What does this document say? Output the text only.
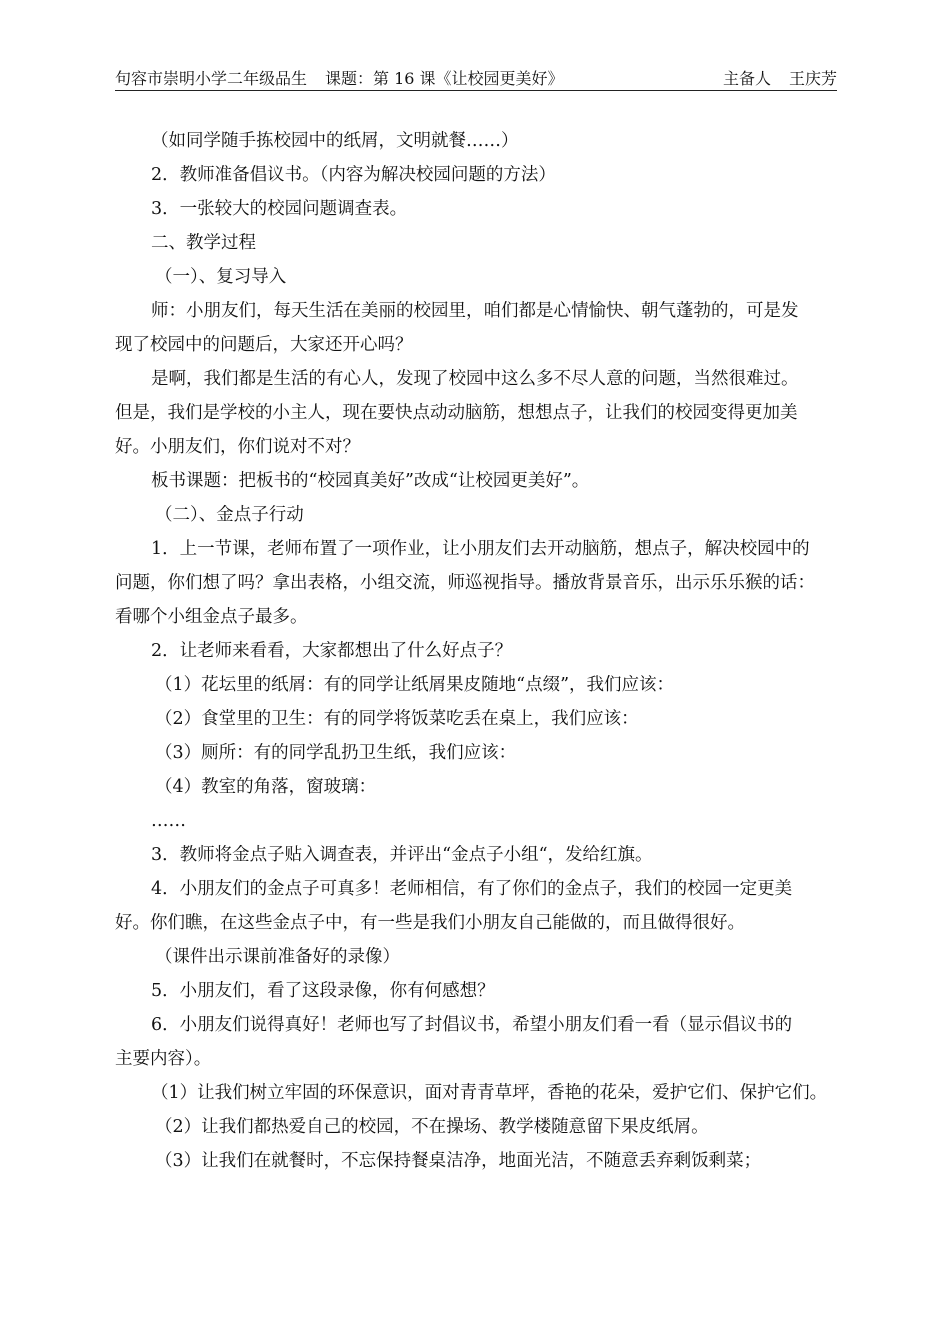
句容市崇明小学二年级品生 课题：第 16 课《让校园更美好》	主备人 王庆芳
（如同学随手拣校园中的纸屑，文明就餐……）
2．教师准备倡议书。（内容为解决校园问题的方法）
3．一张较大的校园问题调查表。
二、教学过程
（一）、复习导入
师：小朋友们，每天生活在美丽的校园里，咱们都是心情愉快、朝气蓬勃的，可是发
现了校园中的问题后，大家还开心吗？
是啊，我们都是生活的有心人，发现了校园中这么多不尽人意的问题，当然很难过。
但是，我们是学校的小主人，现在要快点动动脑筋，想想点子，让我们的校园变得更加美
好。小朋友们，你们说对不对？
板书课题：把板书的“校园真美好”改成“让校园更美好”。
（二）、金点子行动
1．上一节课，老师布置了一项作业，让小朋友们去开动脑筋，想点子，解决校园中的
问题，你们想了吗？拿出表格，小组交流，师巡视指导。播放背景音乐，出示乐乐猴的话：
看哪个小组金点子最多。
2．让老师来看看，大家都想出了什么好点子？
（1）花坛里的纸屑：有的同学让纸屑果皮随地“点缀”，我们应该：
（2）食堂里的卫生：有的同学将饭菜吃丢在桌上，我们应该：
（3）厕所：有的同学乱扔卫生纸，我们应该：
（4）教室的角落，窗玻璃：
……
3．教师将金点子贴入调查表，并评出“金点子小组“，发给红旗。
4．小朋友们的金点子可真多！老师相信，有了你们的金点子，我们的校园一定更美
好。你们瞧，在这些金点子中，有一些是我们小朋友自己能做的，而且做得很好。
（课件出示课前准备好的录像）
5．小朋友们，看了这段录像，你有何感想？
6．小朋友们说得真好！老师也写了封倡议书，希望小朋友们看一看（显示倡议书的
主要内容）。
（1）让我们树立牢固的环保意识，面对青青草坪，香艳的花朵，爱护它们、保护它们。
（2）让我们都热爱自己的校园，不在操场、教学楼随意留下果皮纸屑。
（3）让我们在就餐时，不忘保持餐桌洁净，地面光洁，不随意丢弃剩饭剩菜；
